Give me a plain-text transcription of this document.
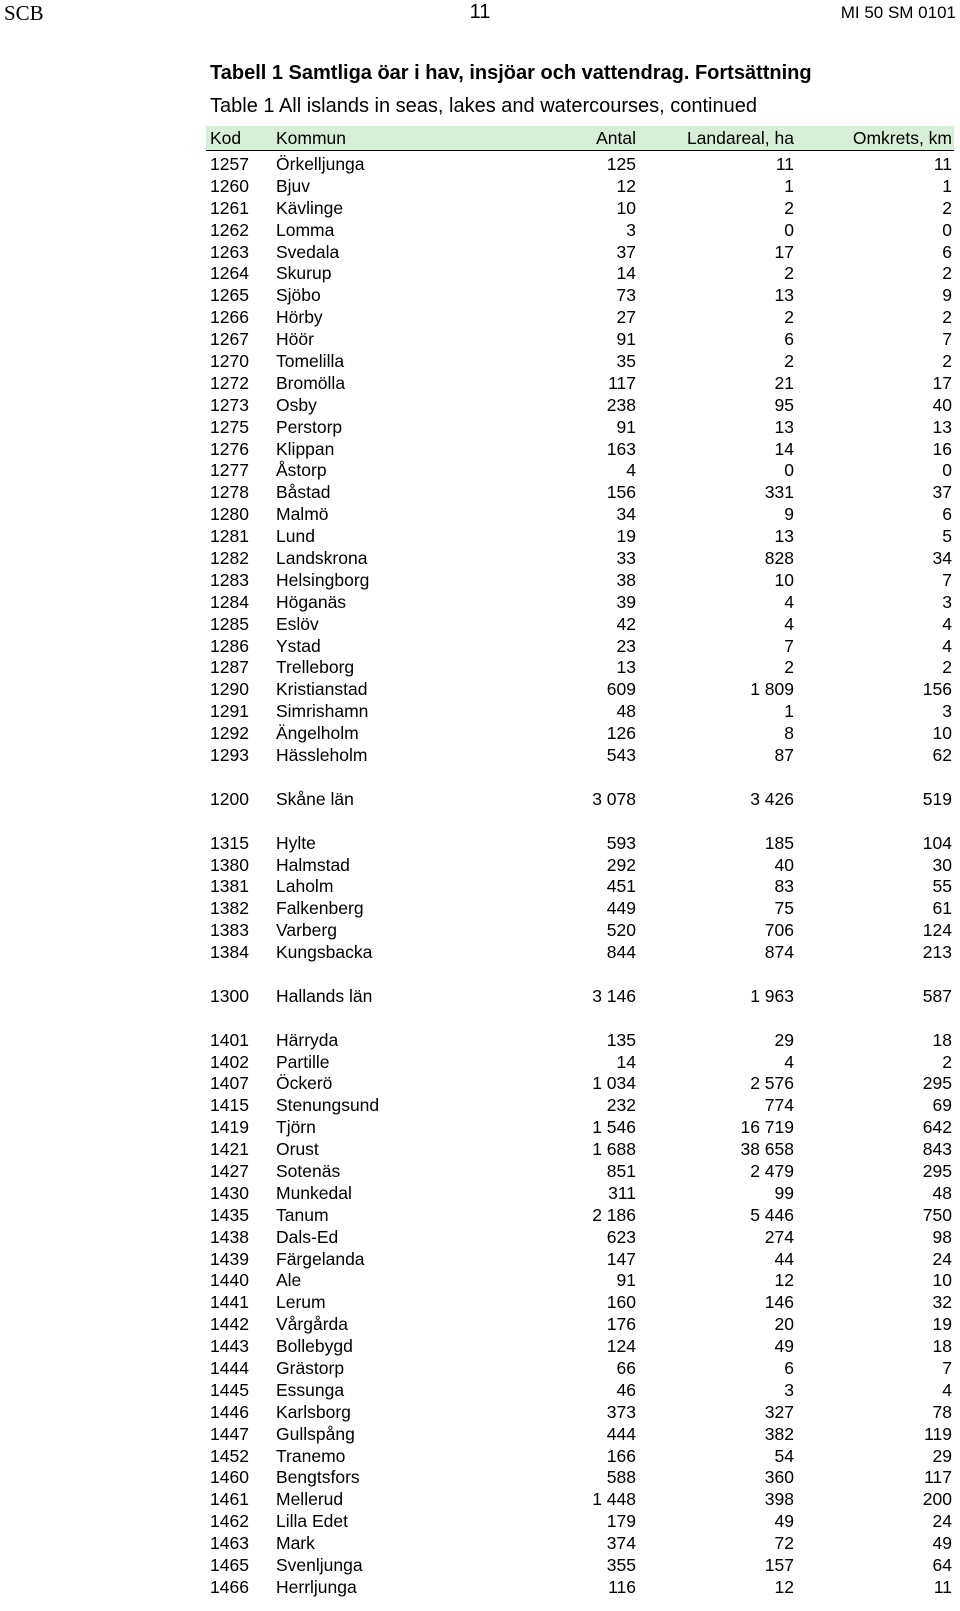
SCB	11	MI 50 SM 0101
Tabell 1 Samtliga öar i hav, insjöar och vattendrag. Fortsättning
Table 1 All islands in seas, lakes and watercourses, continued
Kod Kommun	Antal	Landareal, ha	Omkrets, km
1257 Örkelljunga	125	11	11
1260 Bjuv	12	1	1
1261 Kävlinge	10	2	2
1262 Lomma	3	0	0
1263 Svedala	37	17	6
1264 Skurup	14	2	2
1265 Sjöbo	73	13	9
1266 Hörby	27	2	2
1267 Höör	91	6	7
1270 Tomelilla	35	2	2
1272 Bromölla	117	21	17
1273 Osby	238	95	40
1275 Perstorp	91	13	13
1276 Klippan	163	14	16
1277 Åstorp	4	0	0
1278 Båstad	156	331	37
1280 Malmö	34	9	6
1281 Lund	19	13	5
1282 Landskrona	33	828	34
1283 Helsingborg	38	10	7
1284 Höganäs	39	4	3
1285 Eslöv	42	4	4
1286 Ystad	23	7	4
1287 Trelleborg	13	2	2
1290 Kristianstad	609	1 809	156
1291 Simrishamn	48	1	3
1292 Ängelholm	126	8	10
1293 Hässleholm	543	87	62
1200 Skåne län	3 078	3 426	519
1315 Hylte	593	185	104
1380 Halmstad	292	40	30
1381 Laholm	451	83	55
1382 Falkenberg	449	75	61
1383 Varberg	520	706	124
1384 Kungsbacka	844	874	213
1300 Hallands län	3 146	1 963	587
1401 Härryda	135	29	18
1402 Partille	14	4	2
1407 Öckerö	1 034	2 576	295
1415 Stenungsund	232	774	69
1419 Tjörn	1 546	16 719	642
1421 Orust	1 688	38 658	843
1427 Sotenäs	851	2 479	295
1430 Munkedal	311	99	48
1435 Tanum	2 186	5 446	750
1438 Dals-Ed	623	274	98
1439 Färgelanda	147	44	24
1440 Ale	91	12	10
1441 Lerum	160	146	32
1442 Vårgårda	176	20	19
1443 Bollebygd	124	49	18
1444 Grästorp	66	6	7
1445 Essunga	46	3	4
1446 Karlsborg	373	327	78
1447 Gullspång	444	382	119
1452 Tranemo	166	54	29
1460 Bengtsfors	588	360	117
1461 Mellerud	1 448	398	200
1462 Lilla Edet	179	49	24
1463 Mark	374	72	49
1465 Svenljunga	355	157	64
1466 Herrljunga	116	12	11
